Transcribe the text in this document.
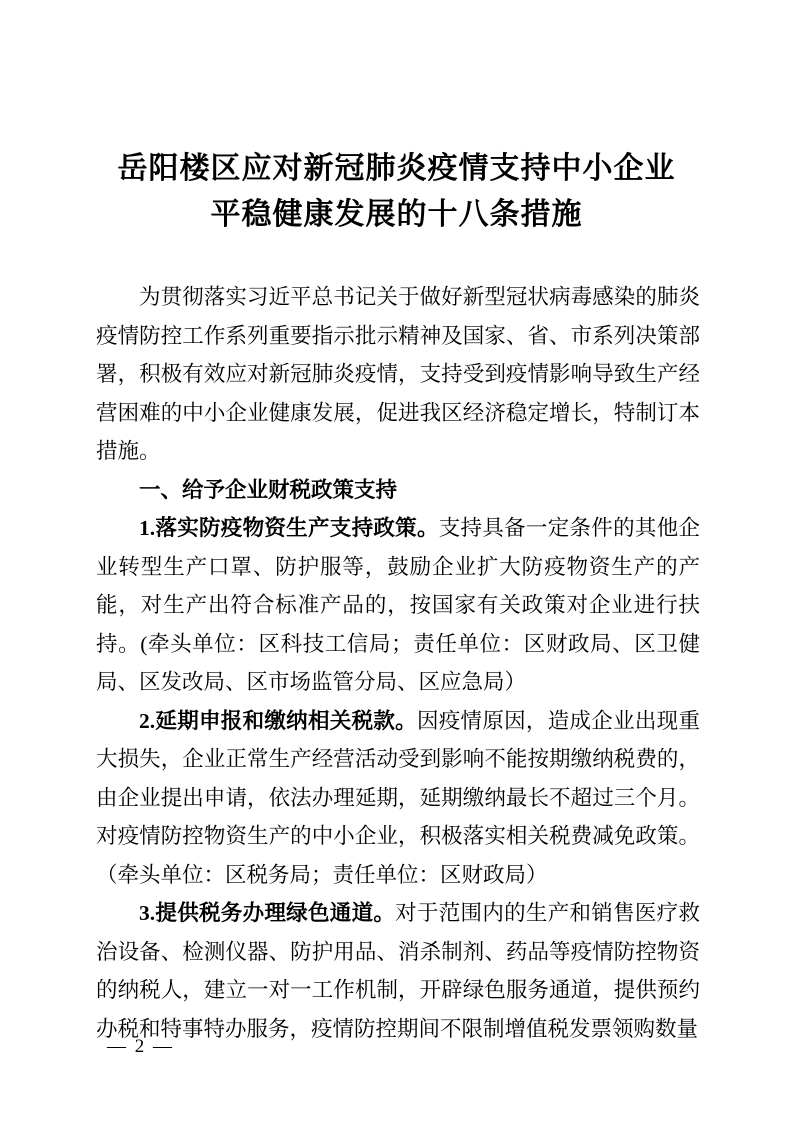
岳阳楼区应对新冠肺炎疫情支持中小企业
平稳健康发展的十八条措施

为贯彻落实习近平总书记关于做好新型冠状病毒感染的肺炎疫情防控工作系列重要指示批示精神及国家、省、市系列决策部署，积极有效应对新冠肺炎疫情，支持受到疫情影响导致生产经营困难的中小企业健康发展，促进我区经济稳定增长，特制订本措施。

一、给予企业财税政策支持

1.落实防疫物资生产支持政策。支持具备一定条件的其他企业转型生产口罩、防护服等，鼓励企业扩大防疫物资生产的产能，对生产出符合标准产品的，按国家有关政策对企业进行扶持。(牵头单位：区科技工信局；责任单位：区财政局、区卫健局、区发改局、区市场监管分局、区应急局）

2.延期申报和缴纳相关税款。因疫情原因，造成企业出现重大损失，企业正常生产经营活动受到影响不能按期缴纳税费的，由企业提出申请，依法办理延期，延期缴纳最长不超过三个月。对疫情防控物资生产的中小企业，积极落实相关税费减免政策。（牵头单位：区税务局；责任单位：区财政局）

3.提供税务办理绿色通道。对于范围内的生产和销售医疗救治设备、检测仪器、防护用品、消杀制剂、药品等疫情防控物资的纳税人，建立一对一工作机制，开辟绿色服务通道，提供预约办税和特事特办服务，疫情防控期间不限制增值税发票领购数量

— 2 —
